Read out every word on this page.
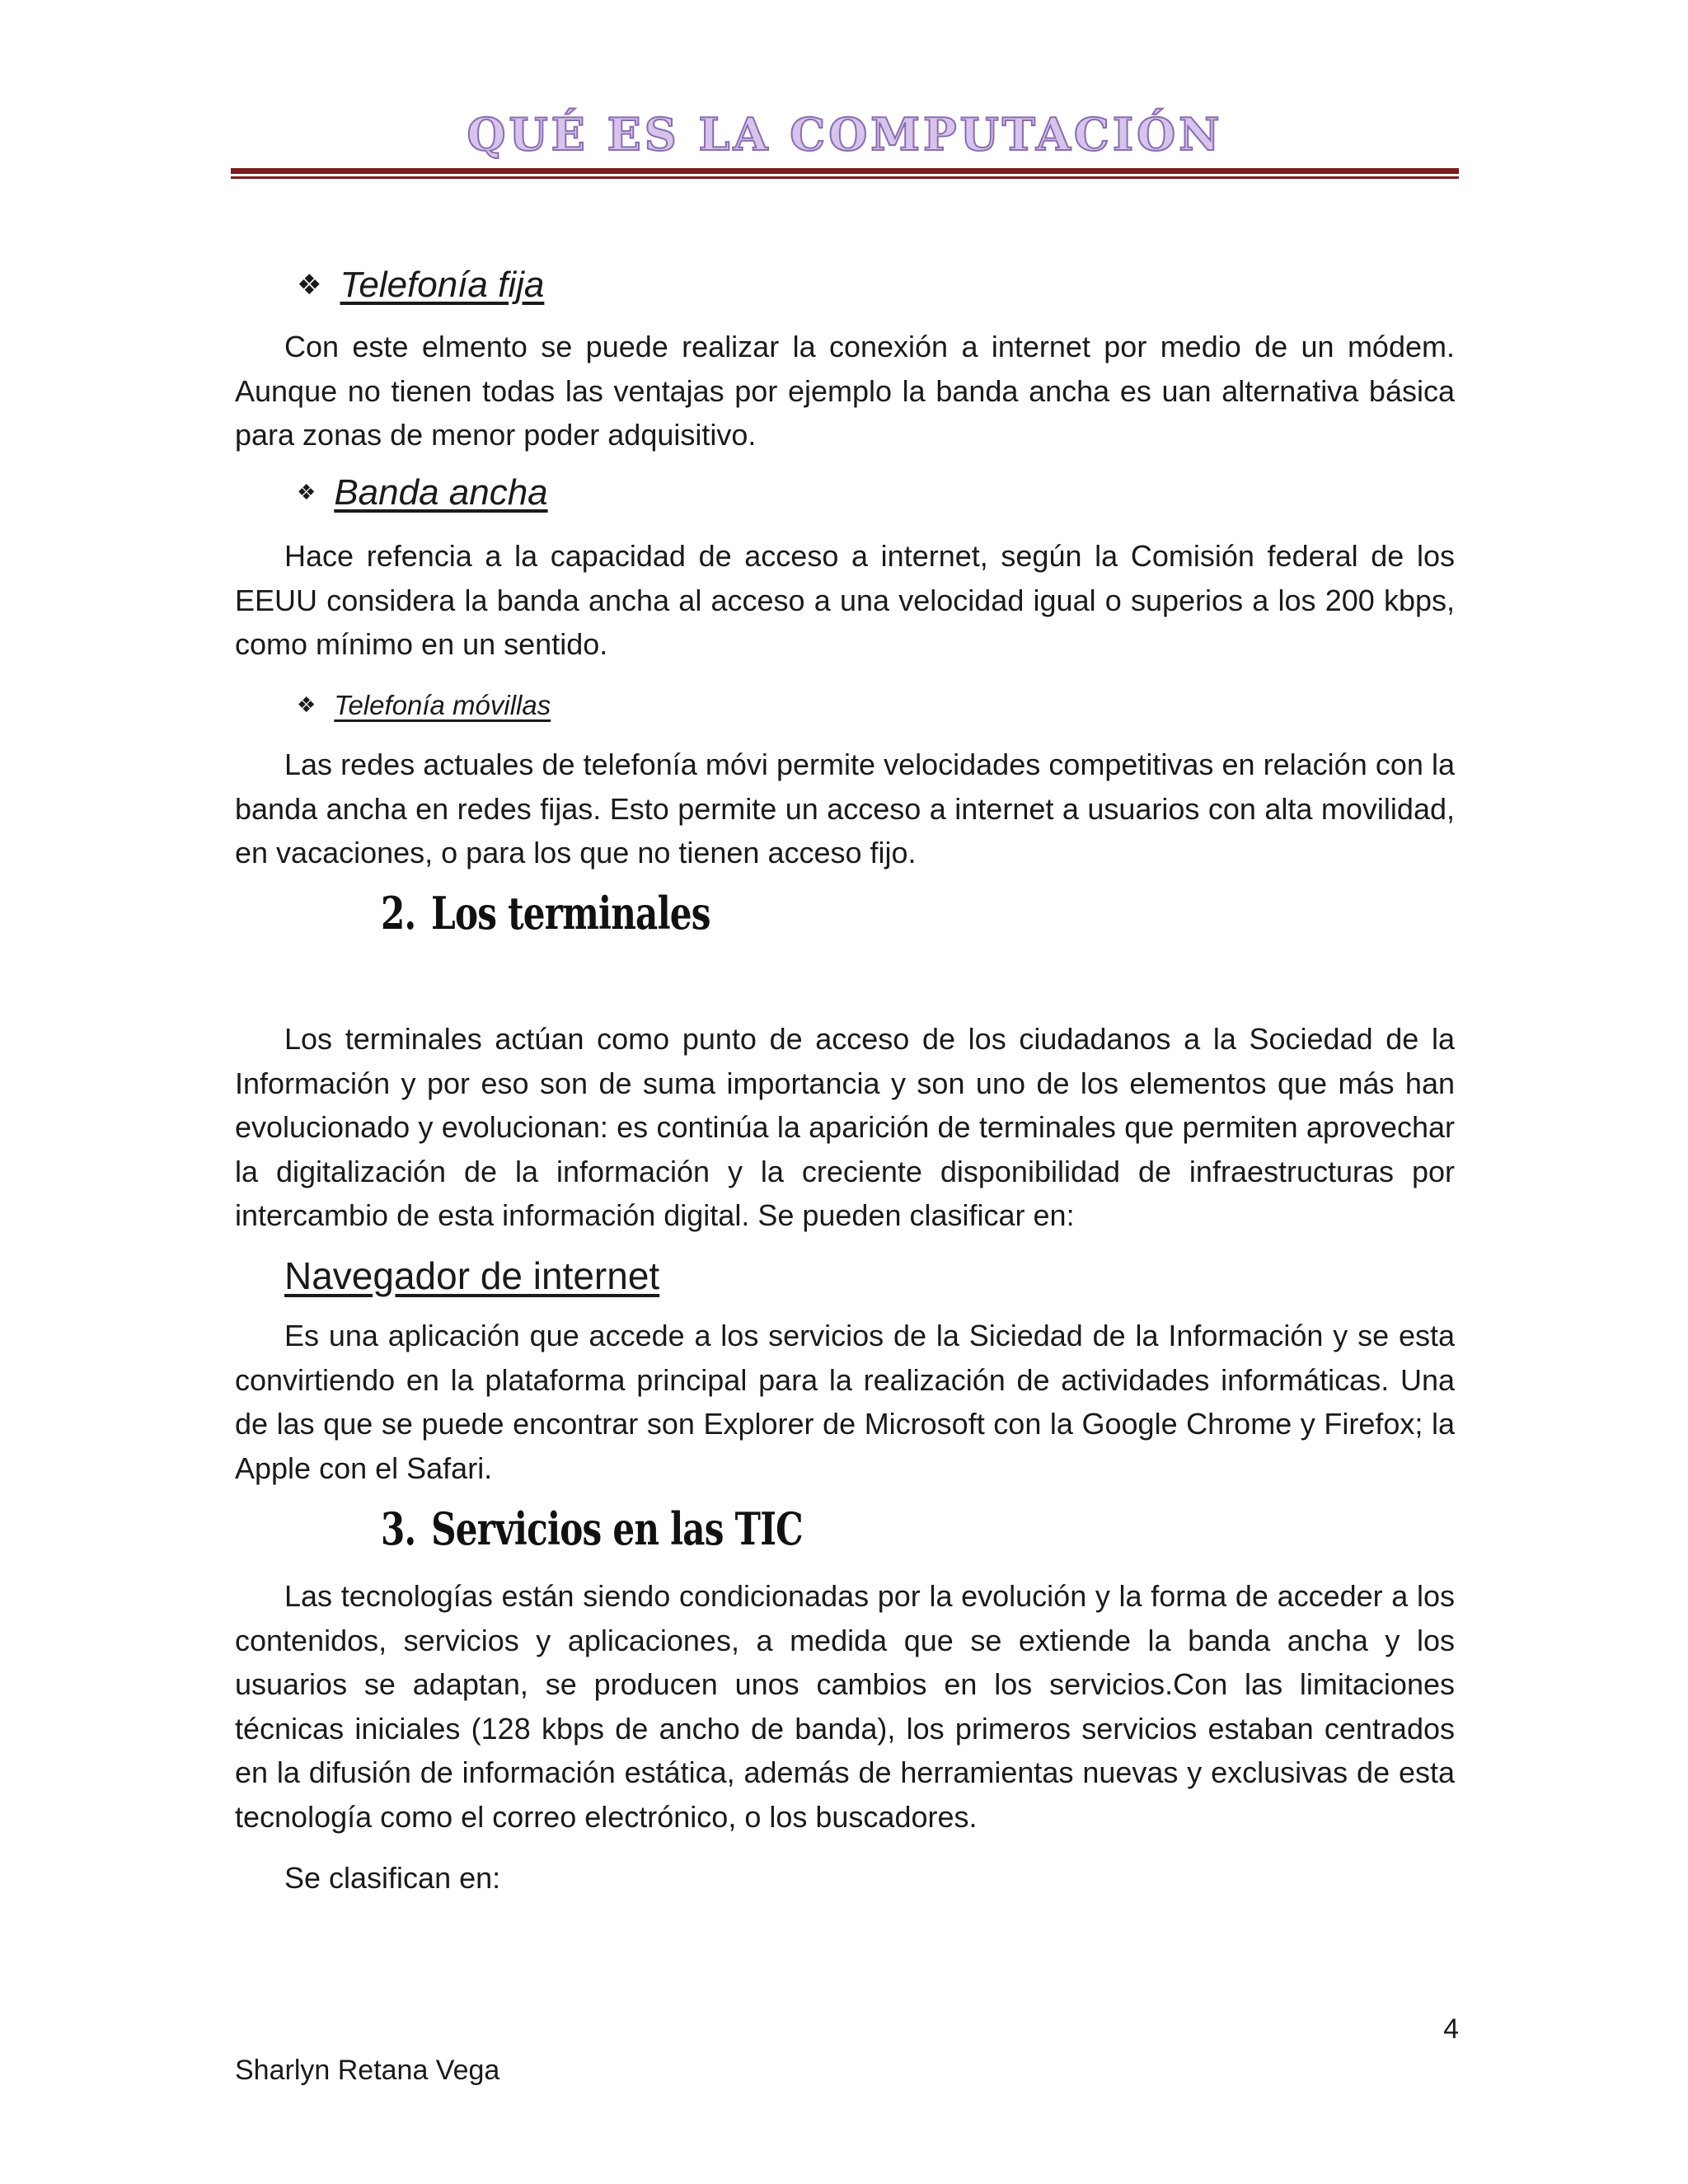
QUÉ ES LA COMPUTACIÓN
❖ Telefonía fija

Con este elmento se puede realizar la conexión a internet por medio de un módem. Aunque no tienen todas las ventajas por ejemplo la banda ancha es uan alternativa básica para zonas de menor poder adquisitivo.

❖ Banda ancha

Hace refencia a la capacidad de acceso a internet, según la Comisión federal de los EEUU considera la banda ancha al acceso a una velocidad igual o superios a los 200 kbps, como mínimo en un sentido.

❖ Telefonía móvillas

Las redes actuales de telefonía móvi permite velocidades competitivas en relación con la banda ancha en redes fijas. Esto permite un acceso a internet a usuarios con alta movilidad, en vacaciones, o para los que no tienen acceso fijo.

2. Los terminales

Los terminales actúan como punto de acceso de los ciudadanos a la Sociedad de la Información y por eso son de suma importancia y son uno de los elementos que más han evolucionado y evolucionan: es continúa la aparición de terminales que permiten aprovechar la digitalización de la información y la creciente disponibilidad de infraestructuras por intercambio de esta información digital. Se pueden clasificar en:

Navegador de internet

Es una aplicación que accede a los servicios de la Siciedad de la Información y se esta convirtiendo en la plataforma principal para la realización de actividades informáticas. Una de las que se puede encontrar son Explorer de Microsoft con la Google Chrome y Firefox; la Apple con el Safari.

3. Servicios en las TIC

Las tecnologías están siendo condicionadas por la evolución y la forma de acceder a los contenidos, servicios y aplicaciones, a medida que se extiende la banda ancha y los usuarios se adaptan, se producen unos cambios en los servicios.Con las limitaciones técnicas iniciales (128 kbps de ancho de banda), los primeros servicios estaban centrados en la difusión de información estática, además de herramientas nuevas y exclusivas de esta tecnología como el correo electrónico, o los buscadores.

Se clasifican en:

4
Sharlyn Retana Vega
